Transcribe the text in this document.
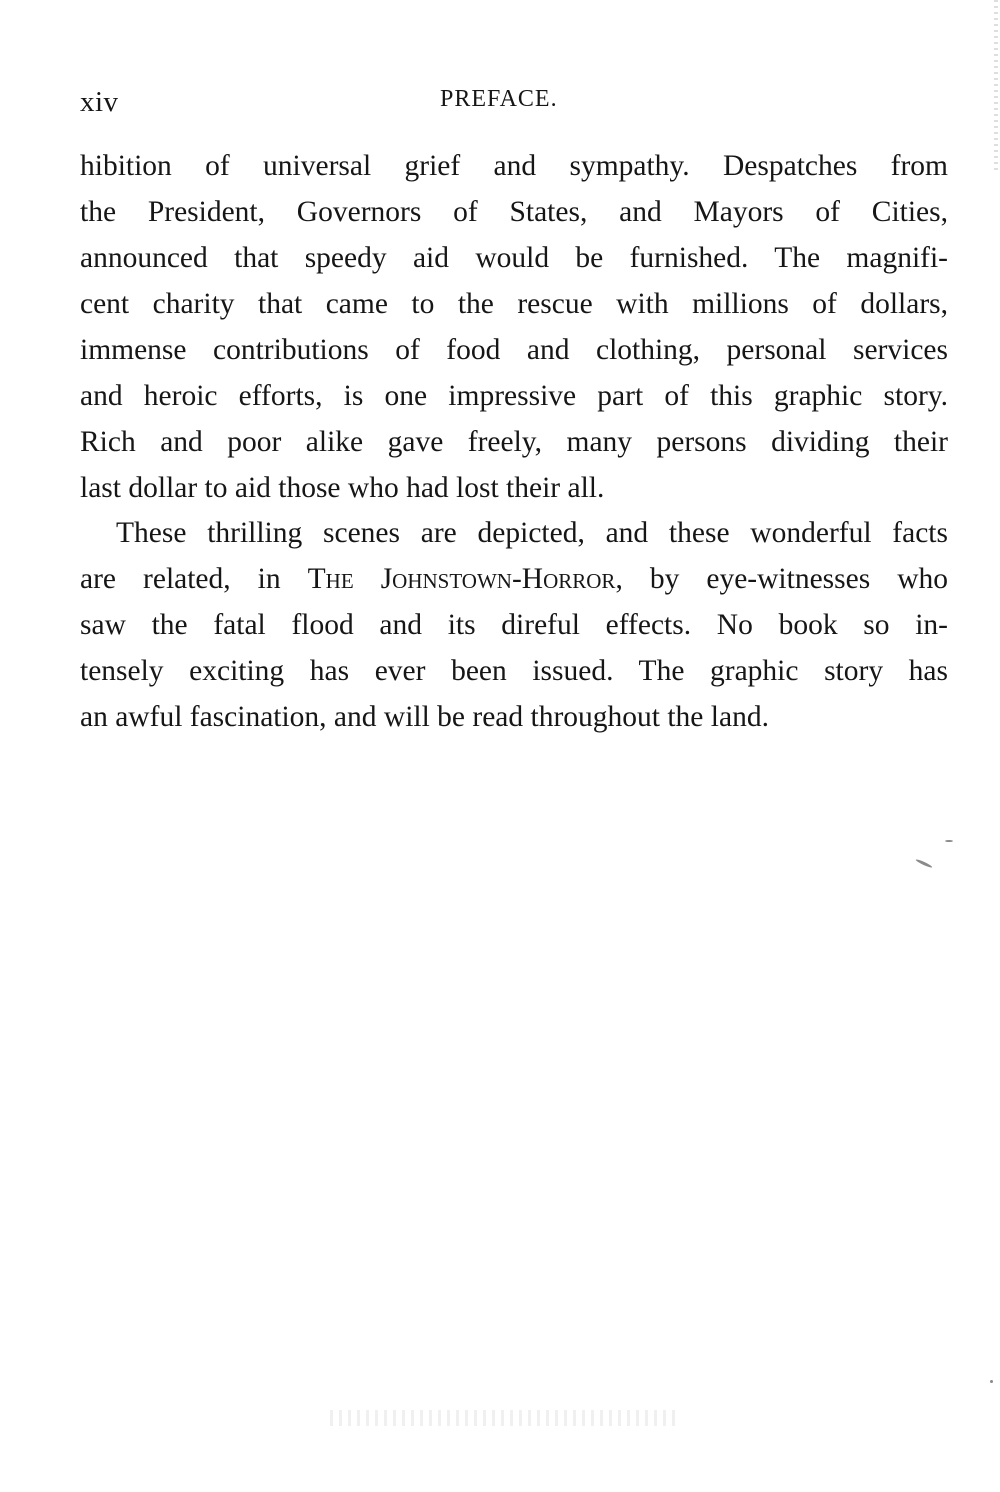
xiv	PREFACE.
hibition of universal grief and sympathy. Despatches from
the President, Governors of States, and Mayors of Cities,
announced that speedy aid would be furnished. The magnifi-
cent charity that came to the rescue with millions of dollars,
immense contributions of food and clothing, personal services
and heroic efforts, is one impressive part of this graphic story.
Rich and poor alike gave freely, many persons dividing their
last dollar to aid those who had lost their all.
These thrilling scenes are depicted, and these wonderful facts
are related, in The Johnstown-Horror, by eye-witnesses who
saw the fatal flood and its direful effects. No book so in-
tensely exciting has ever been issued. The graphic story has
an awful fascination, and will be read throughout the land.
